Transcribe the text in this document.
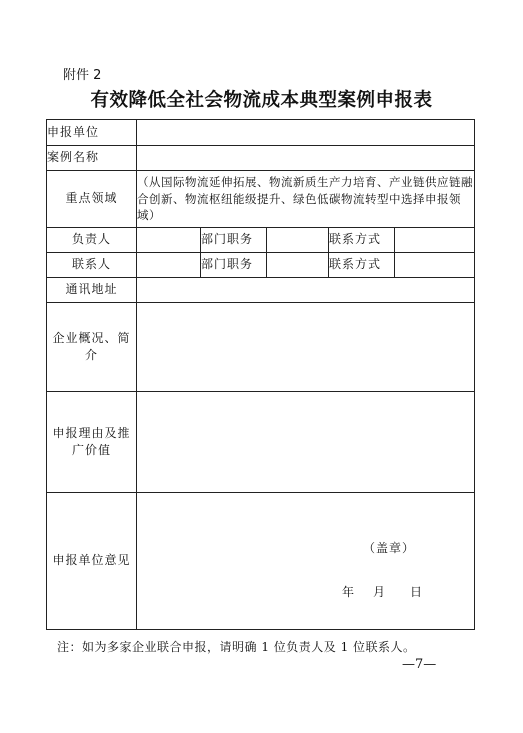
附件 2
有效降低全社会物流成本典型案例申报表
申报单位					
案例名称					
重点领域	（从国际物流延伸拓展、物流新质生产力培育、产业链供应链融合创新、物流枢纽能级提升、绿色低碳物流转型中选择申报领域）				
负责人		部门职务		联系方式	
联系人		部门职务		联系方式	
通讯地址					
企业概况、简介					
申报理由及推广价值					
申报单位意见					
（盖章）
年 月 日
注：如为多家企业联合申报，请明确 1 位负责人及 1 位联系人。
—7—
